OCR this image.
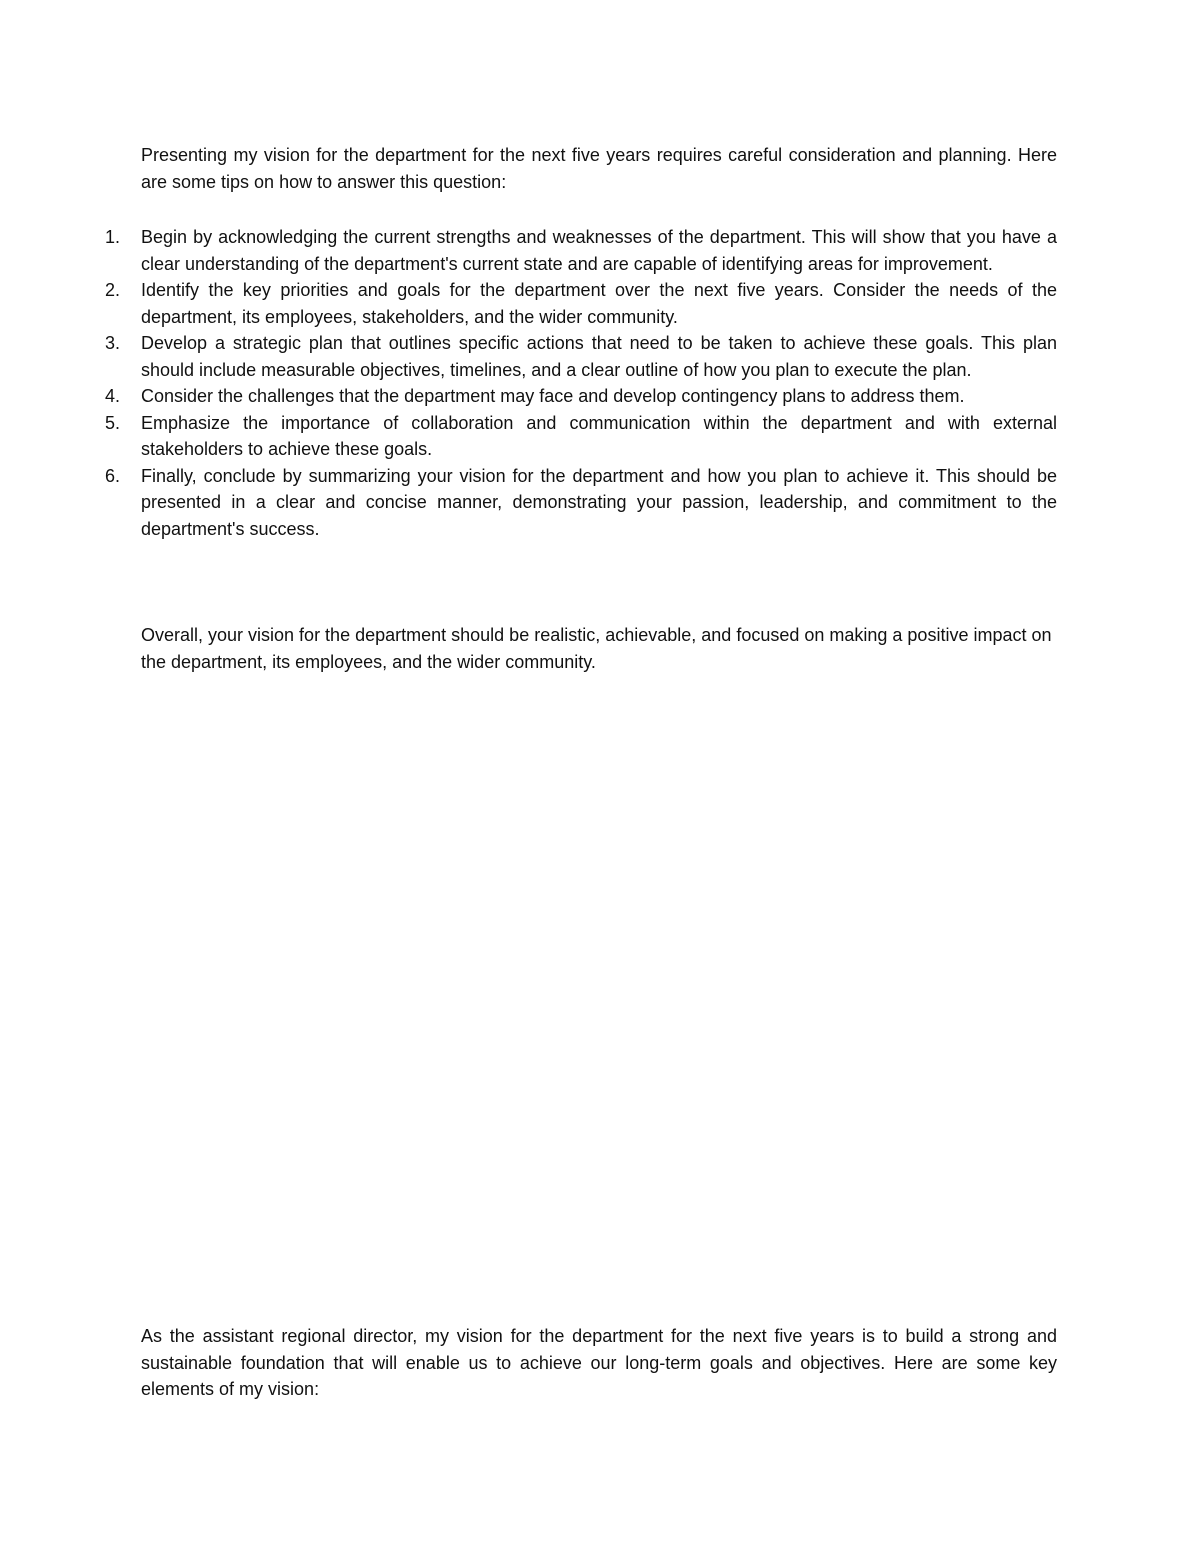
Presenting my vision for the department for the next five years requires careful consideration and planning. Here are some tips on how to answer this question:

1.	Begin by acknowledging the current strengths and weaknesses of the department. This will show that you have a clear understanding of the department's current state and are capable of identifying areas for improvement.
2.	Identify the key priorities and goals for the department over the next five years. Consider the needs of the department, its employees, stakeholders, and the wider community.
3.	Develop a strategic plan that outlines specific actions that need to be taken to achieve these goals. This plan should include measurable objectives, timelines, and a clear outline of how you plan to execute the plan.
4.	Consider the challenges that the department may face and develop contingency plans to address them.
5.	Emphasize the importance of collaboration and communication within the department and with external stakeholders to achieve these goals.
6.	Finally, conclude by summarizing your vision for the department and how you plan to achieve it. This should be presented in a clear and concise manner, demonstrating your passion, leadership, and commitment to the department's success.

Overall, your vision for the department should be realistic, achievable, and focused on making a positive impact on the department, its employees, and the wider community.

As the assistant regional director, my vision for the department for the next five years is to build a strong and sustainable foundation that will enable us to achieve our long-term goals and objectives. Here are some key elements of my vision:
